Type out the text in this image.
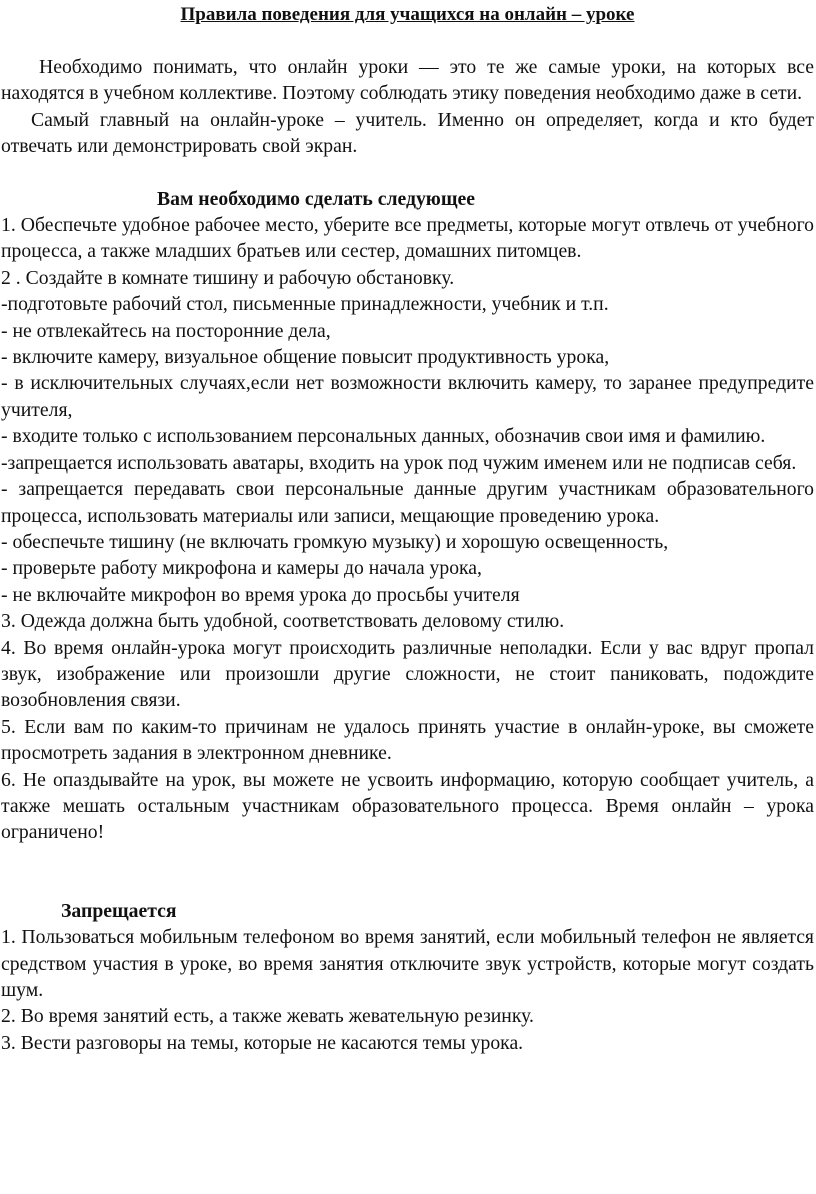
Правила поведения для учащихся на онлайн – уроке

Необходимо понимать, что онлайн уроки — это те же самые уроки, на которых все находятся в учебном коллективе. Поэтому соблюдать этику поведения необходимо даже в сети.

Самый главный на онлайн-уроке – учитель. Именно он определяет, когда и кто будет отвечать или демонстрировать свой экран.

Вам необходимо сделать следующее

1. Обеспечьте удобное рабочее место, уберите все предметы, которые могут отвлечь от учебного процесса, а также младших братьев или сестер, домашних питомцев.

2 . Создайте в комнате тишину и рабочую обстановку.

-подготовьте рабочий стол, письменные принадлежности, учебник и т.п.

- не отвлекайтесь на посторонние дела,

- включите камеру, визуальное общение повысит продуктивность урока,

- в исключительных случаях,если нет возможности включить камеру, то заранее предупредите учителя,

- входите только с использованием персональных данных, обозначив свои имя и фамилию.

-запрещается использовать аватары, входить на урок под чужим именем или не подписав себя.

- запрещается передавать свои персональные данные другим участникам образовательного процесса, использовать материалы или записи, мещающие проведению урока.

- обеспечьте тишину (не включать громкую музыку) и хорошую освещенность,

- проверьте работу микрофона и камеры до начала урока,

- не включайте микрофон во время урока до просьбы учителя

3. Одежда должна быть удобной, соответствовать деловому стилю.

4. Во время онлайн-урока могут происходить различные неполадки. Если у вас вдруг пропал звук, изображение или произошли другие сложности, не стоит паниковать, подождите возобновления связи.

5. Если вам по каким-то причинам не удалось принять участие в онлайн-уроке, вы сможете просмотреть задания в электронном дневнике.

6. Не опаздывайте на урок, вы можете не усвоить информацию, которую сообщает учитель, а также мешать остальным участникам образовательного процесса. Время онлайн – урока ограничено!

Запрещается

1. Пользоваться мобильным телефоном во время занятий, если мобильный телефон не является средством участия в уроке, во время занятия отключите звук устройств, которые могут создать шум.

2. Во время занятий есть, а также жевать жевательную резинку.

3. Вести разговоры на темы, которые не касаются темы урока.
